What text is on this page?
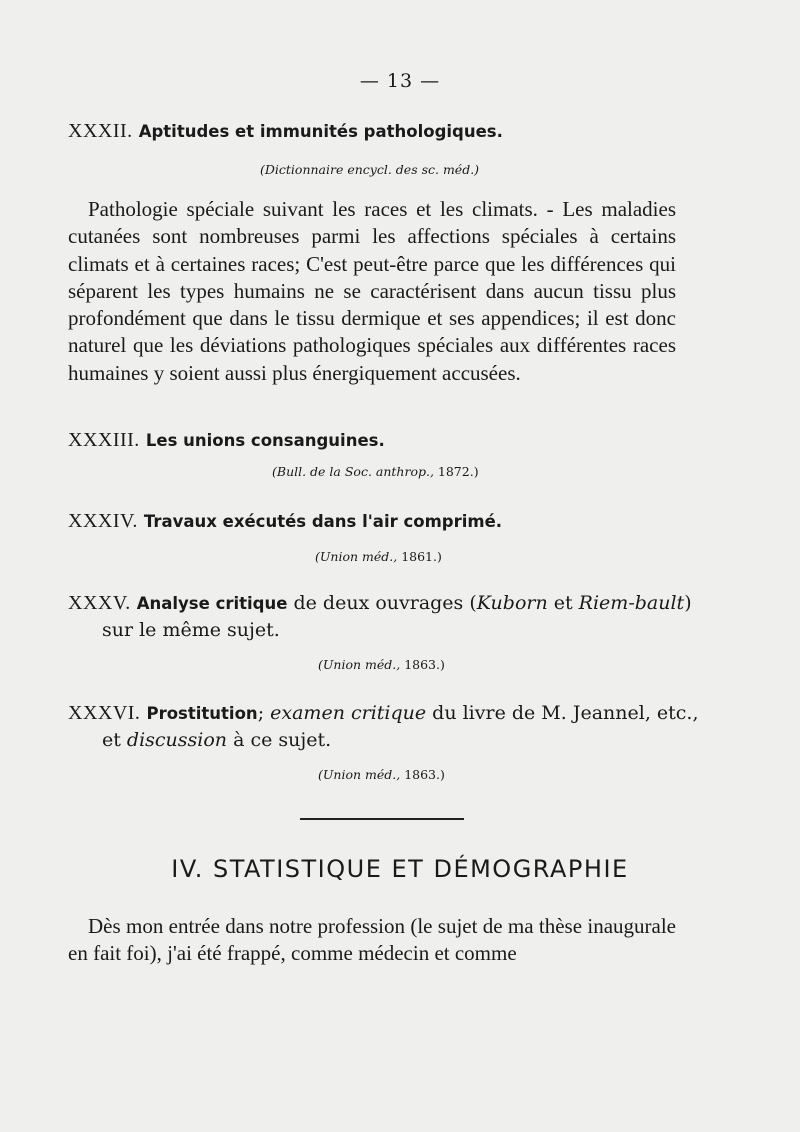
— 13 —
XXXII. Aptitudes et immunités pathologiques.
(Dictionnaire encycl. des sc. méd.)
Pathologie spéciale suivant les races et les climats. - Les maladies cutanées sont nombreuses parmi les affections spéciales à certains climats et à certaines races; C'est peut-être parce que les différences qui séparent les types humains ne se caractérisent dans aucun tissu plus profondément que dans le tissu dermique et ses appendices; il est donc naturel que les déviations pathologiques spéciales aux différentes races humaines y soient aussi plus énergiquement accusées.
XXXIII. Les unions consanguines.
(Bull. de la Soc. anthrop., 1872.)
XXXIV. Travaux exécutés dans l'air comprimé.
(Union méd., 1861.)
XXXV. Analyse critique de deux ouvrages (Kuborn et Riem-bault) sur le même sujet.
(Union méd., 1863.)
XXXVI. Prostitution; examen critique du livre de M. Jeannel, etc., et discussion à ce sujet.
(Union méd., 1863.)
IV. STATISTIQUE ET DÉMOGRAPHIE
Dès mon entrée dans notre profession (le sujet de ma thèse inaugurale en fait foi), j'ai été frappé, comme médecin et comme
